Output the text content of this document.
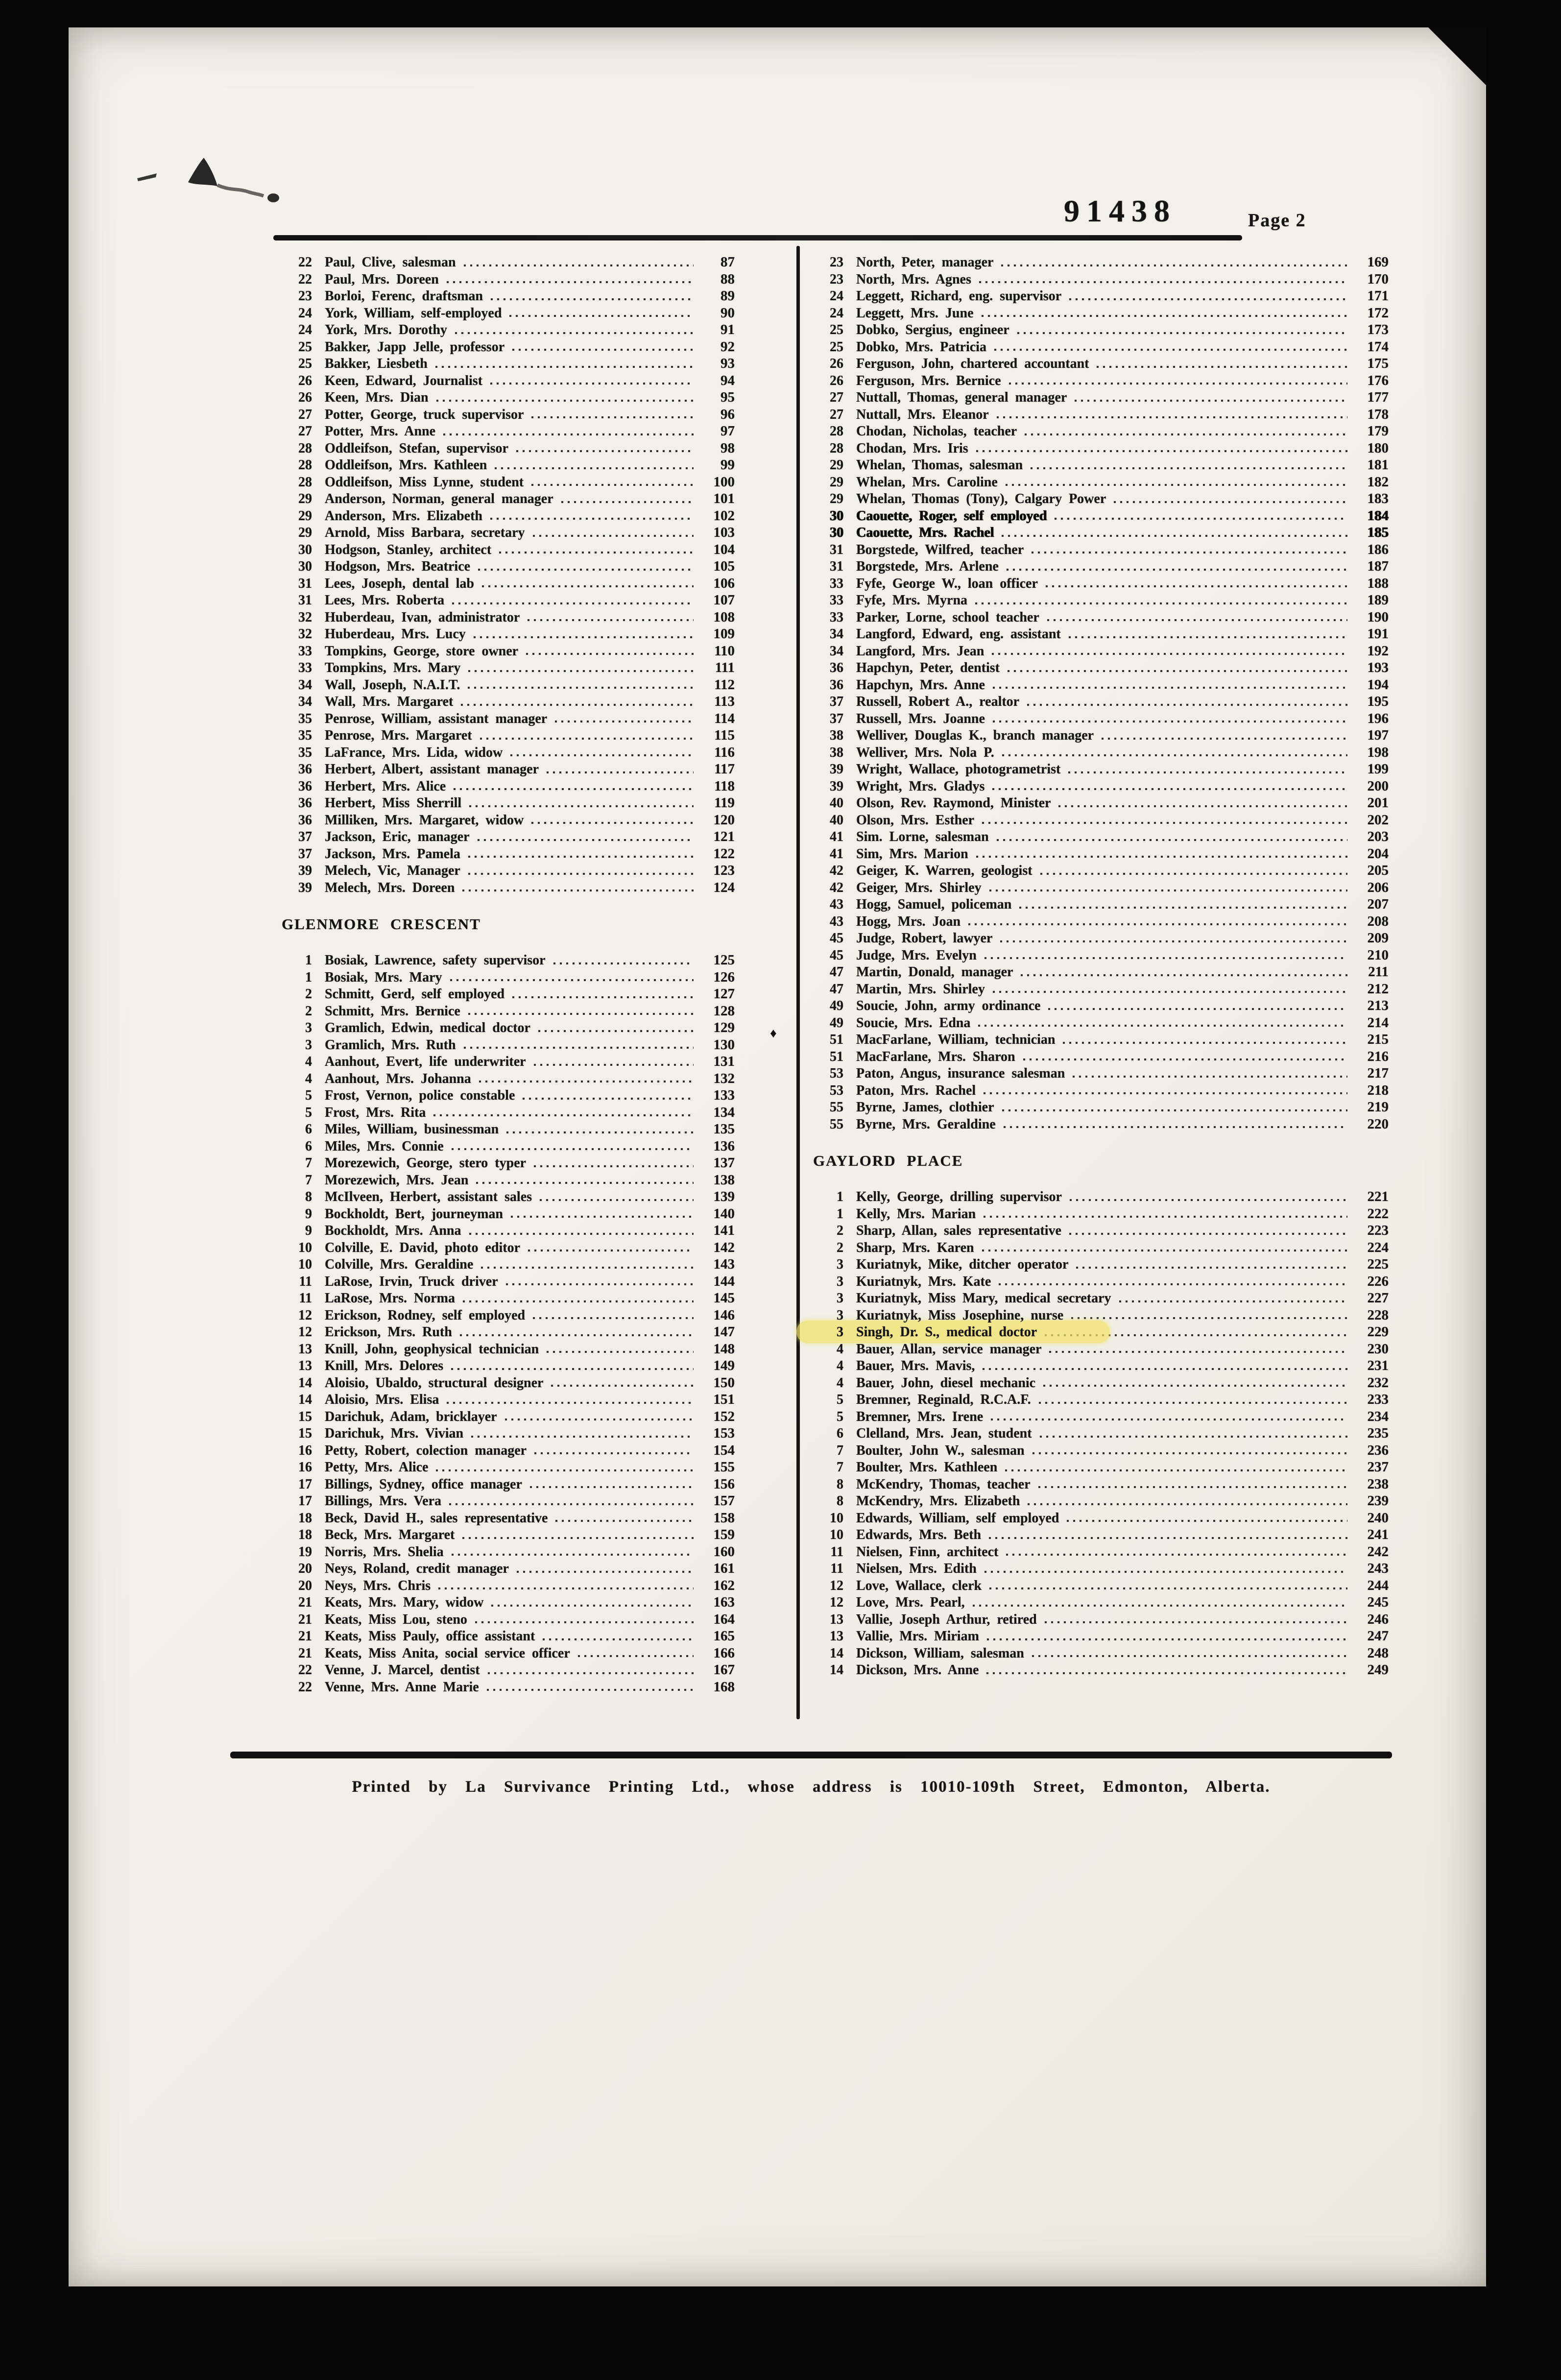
91438	Page 2
22 Paul, Clive, salesman	87
22 Paul, Mrs. Doreen	88
23 Borloi, Ferenc, draftsman	89
24 York, William, self-employed	90
24 York, Mrs. Dorothy	91
25 Bakker, Japp Jelle, professor	92
25 Bakker, Liesbeth	93
26 Keen, Edward, Journalist	94
26 Keen, Mrs. Dian	95
27 Potter, George, truck supervisor	96
27 Potter, Mrs. Anne	97
28 Oddleifson, Stefan, supervisor	98
28 Oddleifson, Mrs. Kathleen	99
28 Oddleifson, Miss Lynne, student	100
29 Anderson, Norman, general manager	101
29 Anderson, Mrs. Elizabeth	102
29 Arnold, Miss Barbara, secretary	103
30 Hodgson, Stanley, architect	104
30 Hodgson, Mrs. Beatrice	105
31 Lees, Joseph, dental lab	106
31 Lees, Mrs. Roberta	107
32 Huberdeau, Ivan, administrator	108
32 Huberdeau, Mrs. Lucy	109
33 Tompkins, George, store owner	110
33 Tompkins, Mrs. Mary	111
34 Wall, Joseph, N.A.I.T.	112
34 Wall, Mrs. Margaret	113
35 Penrose, William, assistant manager	114
35 Penrose, Mrs. Margaret	115
35 LaFrance, Mrs. Lida, widow	116
36 Herbert, Albert, assistant manager	117
36 Herbert, Mrs. Alice	118
36 Herbert, Miss Sherrill	119
36 Milliken, Mrs. Margaret, widow	120
37 Jackson, Eric, manager	121
37 Jackson, Mrs. Pamela	122
39 Melech, Vic, Manager	123
39 Melech, Mrs. Doreen	124
GLENMORE CRESCENT
1 Bosiak, Lawrence, safety supervisor	125
1 Bosiak, Mrs. Mary	126
2 Schmitt, Gerd, self employed	127
2 Schmitt, Mrs. Bernice	128
3 Gramlich, Edwin, medical doctor	129
3 Gramlich, Mrs. Ruth	130
4 Aanhout, Evert, life underwriter	131
4 Aanhout, Mrs. Johanna	132
5 Frost, Vernon, police constable	133
5 Frost, Mrs. Rita	134
6 Miles, William, businessman	135
6 Miles, Mrs. Connie	136
7 Morezewich, George, stero typer	137
7 Morezewich, Mrs. Jean	138
8 McIlveen, Herbert, assistant sales	139
9 Bockholdt, Bert, journeyman	140
9 Bockholdt, Mrs. Anna	141
10 Colville, E. David, photo editor	142
10 Colville, Mrs. Geraldine	143
11 LaRose, Irvin, Truck driver	144
11 LaRose, Mrs. Norma	145
12 Erickson, Rodney, self employed	146
12 Erickson, Mrs. Ruth	147
13 Knill, John, geophysical technician	148
13 Knill, Mrs. Delores	149
14 Aloisio, Ubaldo, structural designer	150
14 Aloisio, Mrs. Elisa	151
15 Darichuk, Adam, bricklayer	152
15 Darichuk, Mrs. Vivian	153
16 Petty, Robert, colection manager	154
16 Petty, Mrs. Alice	155
17 Billings, Sydney, office manager	156
17 Billings, Mrs. Vera	157
18 Beck, David H., sales representative	158
18 Beck, Mrs. Margaret	159
19 Norris, Mrs. Shelia	160
20 Neys, Roland, credit manager	161
20 Neys, Mrs. Chris	162
21 Keats, Mrs. Mary, widow	163
21 Keats, Miss Lou, steno	164
21 Keats, Miss Pauly, office assistant	165
21 Keats, Miss Anita, social service officer	166
22 Venne, J. Marcel, dentist	167
22 Venne, Mrs. Anne Marie	168
23 North, Peter, manager	169
23 North, Mrs. Agnes	170
24 Leggett, Richard, eng. supervisor	171
24 Leggett, Mrs. June	172
25 Dobko, Sergius, engineer	173
25 Dobko, Mrs. Patricia	174
26 Ferguson, John, chartered accountant	175
26 Ferguson, Mrs. Bernice	176
27 Nuttall, Thomas, general manager	177
27 Nuttall, Mrs. Eleanor	178
28 Chodan, Nicholas, teacher	179
28 Chodan, Mrs. Iris	180
29 Whelan, Thomas, salesman	181
29 Whelan, Mrs. Caroline	182
29 Whelan, Thomas (Tony), Calgary Power	183
30 Caouette, Roger, self employed	184
30 Caouette, Mrs. Rachel	185
31 Borgstede, Wilfred, teacher	186
31 Borgstede, Mrs. Arlene	187
33 Fyfe, George W., loan officer	188
33 Fyfe, Mrs. Myrna	189
33 Parker, Lorne, school teacher	190
34 Langford, Edward, eng. assistant	191
34 Langford, Mrs. Jean	192
36 Hapchyn, Peter, dentist	193
36 Hapchyn, Mrs. Anne	194
37 Russell, Robert A., realtor	195
37 Russell, Mrs. Joanne	196
38 Welliver, Douglas K., branch manager	197
38 Welliver, Mrs. Nola P.	198
39 Wright, Wallace, photogrametrist	199
39 Wright, Mrs. Gladys	200
40 Olson, Rev. Raymond, Minister	201
40 Olson, Mrs. Esther	202
41 Sim. Lorne, salesman	203
41 Sim, Mrs. Marion	204
42 Geiger, K. Warren, geologist	205
42 Geiger, Mrs. Shirley	206
43 Hogg, Samuel, policeman	207
43 Hogg, Mrs. Joan	208
45 Judge, Robert, lawyer	209
45 Judge, Mrs. Evelyn	210
47 Martin, Donald, manager	211
47 Martin, Mrs. Shirley	212
49 Soucie, John, army ordinance	213
49 Soucie, Mrs. Edna	214
51 MacFarlane, William, technician	215
51 MacFarlane, Mrs. Sharon	216
53 Paton, Angus, insurance salesman	217
53 Paton, Mrs. Rachel	218
55 Byrne, James, clothier	219
55 Byrne, Mrs. Geraldine	220
GAYLORD PLACE
1 Kelly, George, drilling supervisor	221
1 Kelly, Mrs. Marian	222
2 Sharp, Allan, sales representative	223
2 Sharp, Mrs. Karen	224
3 Kuriatnyk, Mike, ditcher operator	225
3 Kuriatnyk, Mrs. Kate	226
3 Kuriatnyk, Miss Mary, medical secretary	227
3 Kuriatnyk, Miss Josephine, nurse	228
3 Singh, Dr. S., medical doctor	229
4 Bauer, Allan, service manager	230
4 Bauer, Mrs. Mavis,	231
4 Bauer, John, diesel mechanic	232
5 Bremner, Reginald, R.C.A.F.	233
5 Bremner, Mrs. Irene	234
6 Clelland, Mrs. Jean, student	235
7 Boulter, John W., salesman	236
7 Boulter, Mrs. Kathleen	237
8 McKendry, Thomas, teacher	238
8 McKendry, Mrs. Elizabeth	239
10 Edwards, William, self employed	240
10 Edwards, Mrs. Beth	241
11 Nielsen, Finn, architect	242
11 Nielsen, Mrs. Edith	243
12 Love, Wallace, clerk	244
12 Love, Mrs. Pearl,	245
13 Vallie, Joseph Arthur, retired	246
13 Vallie, Mrs. Miriam	247
14 Dickson, William, salesman	248
14 Dickson, Mrs. Anne	249
♦
Printed by La Survivance Printing Ltd., whose address is 10010-109th Street, Edmonton, Alberta.
